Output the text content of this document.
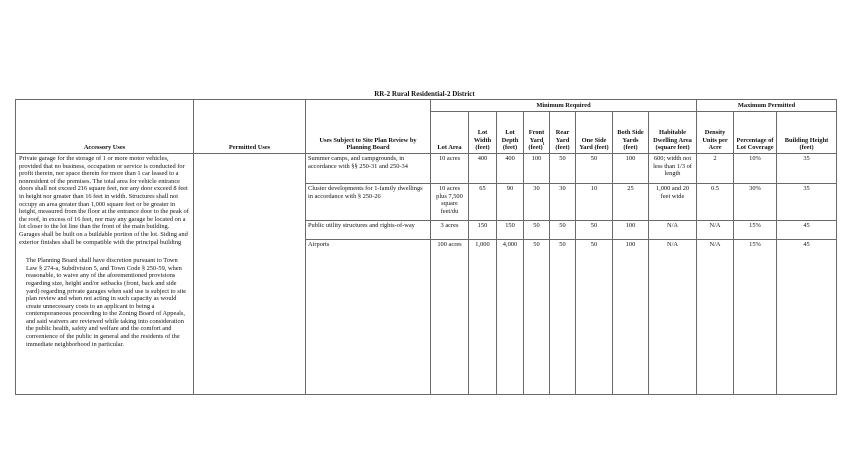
RR-2 Rural Residential-2 District
Accessory Uses	Permitted Uses	Uses Subject to Site Plan Review by Planning Board	Minimum Required								Maximum Permitted		
			Lot Area	Lot Width (feet)	Lot Depth (feet)	Front Yard (feet)$^1$	Rear Yard (feet)	One Side Yard (feet)	Both Side Yards (feet)	Habitable Dwelling Area (square feet)	Density Units per Acre	Percentage of Lot Coverage	Building Height (feet)

Private garage for the storage of 1 or more motor vehicles, provided that no business, occupation or service is conducted for profit therein, nor space therein for more than 1 car leased to a nonresident of the premises. The total area for vehicle entrance doors shall not exceed 216 square feet, nor any door exceed 8 feet in height nor greater than 16 feet in width. Structures shall not occupy an area greater than 1,000 square feet or be greater in height, measured from the floor at the entrance door to the peak of the roof, in excess of 16 feet, nor may any garage be located on a lot closer to the lot line than the front of the main building. Garages shall be built on a buildable portion of the lot. Siding and exterior finishes shall be compatible with the principal building

The Planning Board shall have discretion pursuant to Town Law § 274-a, Subdivision 5, and Town Code § 250-59, when reasonable, to waive any of the aforementioned provisions regarding size, height and/or setbacks (front, back and side yard) regarding private garages when said use is subject to site plan review and when not acting in such capacity as would create unnecessary costs to an applicant to being a contemporaneous proceeding to the Zoning Board of Appeals, and said waivers are reviewed while taking into consideration the public health, safety and welfare and the comfort and convenience of the public in general and the residents of the immediate neighborhood in particular.		Summer camps, and campgrounds, in accordance with §§ 250-31 and 250-34	10 acres	400	400	100	50	50	100	600; width not less than 1/3 of length	2	10%	35
		Cluster developments for 1-family dwellings in accordance with § 250-26	10 acres plus 7,500 square feet/du	65	90	30	30	10	25	1,000 and 20 feet wide	0.5	30%	35
		Public utility structures and rights-of-way	3 acres	150	150	50	50	50	100	N/A	N/A	15%	45
		Airports	100 acres	1,000	4,000	50	50	50	100	N/A	N/A	15%	45
